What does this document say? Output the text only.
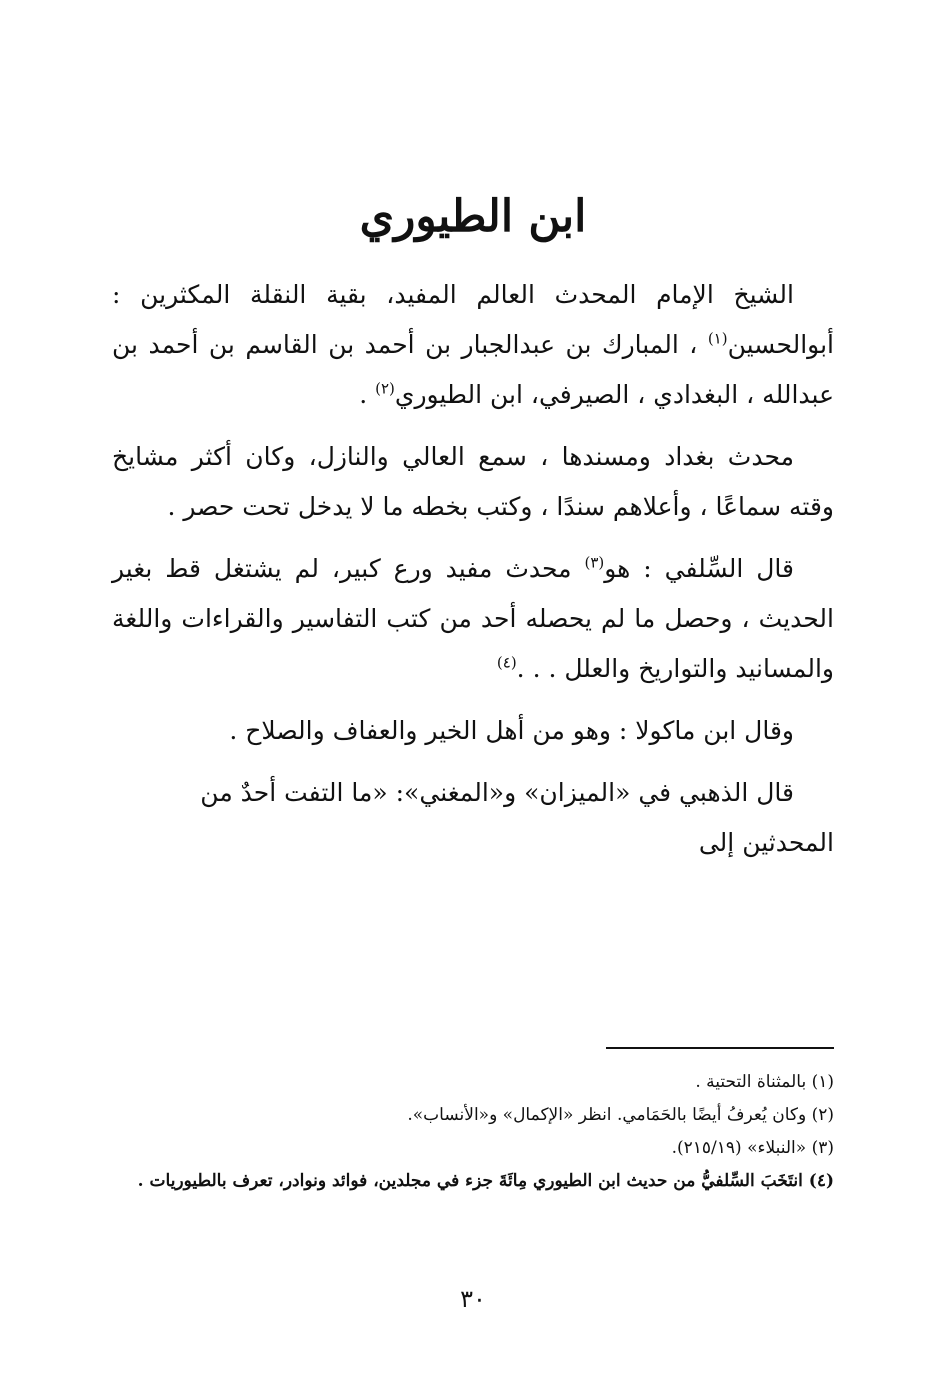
ابن الطيوري

الشيخ الإمام المحدث العالم المفيد، بقية النقلة المكثرين : أبوالحسين$^{(١)}$ ، المبارك بن عبدالجبار بن أحمد بن القاسم بن أحمد بن عبدالله ، البغدادي ، الصيرفي، ابن الطيوري$^{(٢)}$ .

محدث بغداد ومسندها ، سمع العالي والنازل، وكان أكثر مشايخ وقته سماعًا ، وأعلاهم سندًا ، وكتب بخطه ما لا يدخل تحت حصر .

قال السِّلفي : هو$^{(٣)}$ محدث مفيد ورع كبير، لم يشتغل قط بغير الحديث ، وحصل ما لم يحصله أحد من كتب التفاسير والقراءات واللغة والمسانيد والتواريخ والعلل . . .$^{(٤)}$

وقال ابن ماكولا : وهو من أهل الخير والعفاف والصلاح .

قال الذهبي في «الميزان» و«المغني»: «ما التفت أحدٌ من المحدثين إلى

(١) بالمثناة التحتية .

(٢) وكان يُعرفُ أيضًا بالحَمَامي. انظر «الإكمال» و«الأنساب».

(٣) «النبلاء» (٢١٥/١٩).

(٤) انتَخَبَ السِّلفيُّ من حديث ابن الطيوري مِائَةَ جزء في مجلدين، فوائد ونوادر، تعرف بالطيوريات .

٣٠
